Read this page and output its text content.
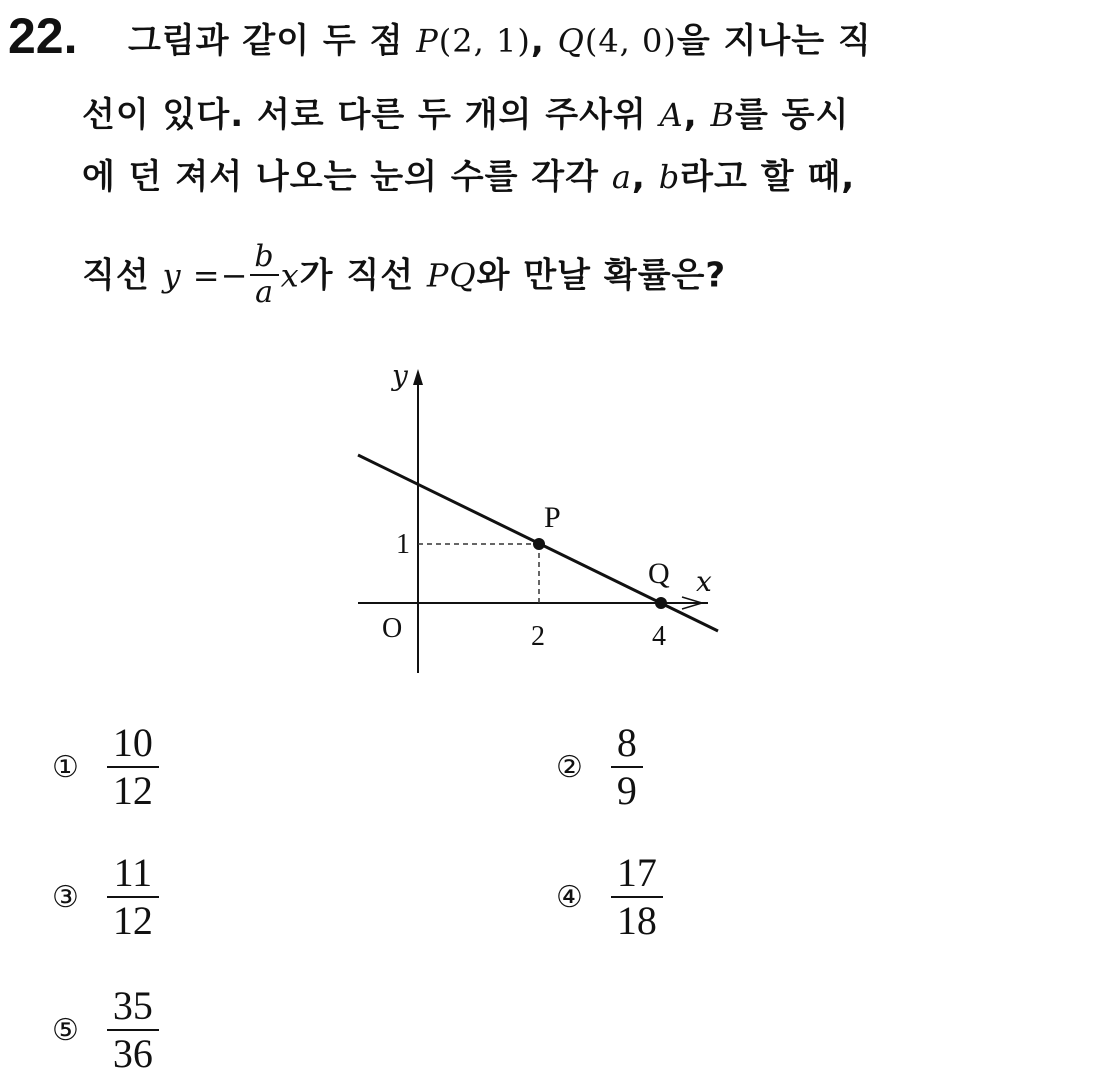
22. 그림과 같이 두 점 P(2, 1), Q(4, 0)을 지나는 직
선이 있다. 서로 다른 두 개의 주사위 A, B를 동시
에 던 져서 나오는 눈의 수를 각각 a, b라고 할 때,
직선 $y =- \frac{b}{a}$ x가 직선 PQ와 만날 확률은?
y
x
O
1
2	4
P
Q
① $\frac{10}{12}$	② $\frac{8}{9}$
③ $\frac{11}{12}$	④ $\frac{17}{18}$
⑤ $\frac{35}{36}$
